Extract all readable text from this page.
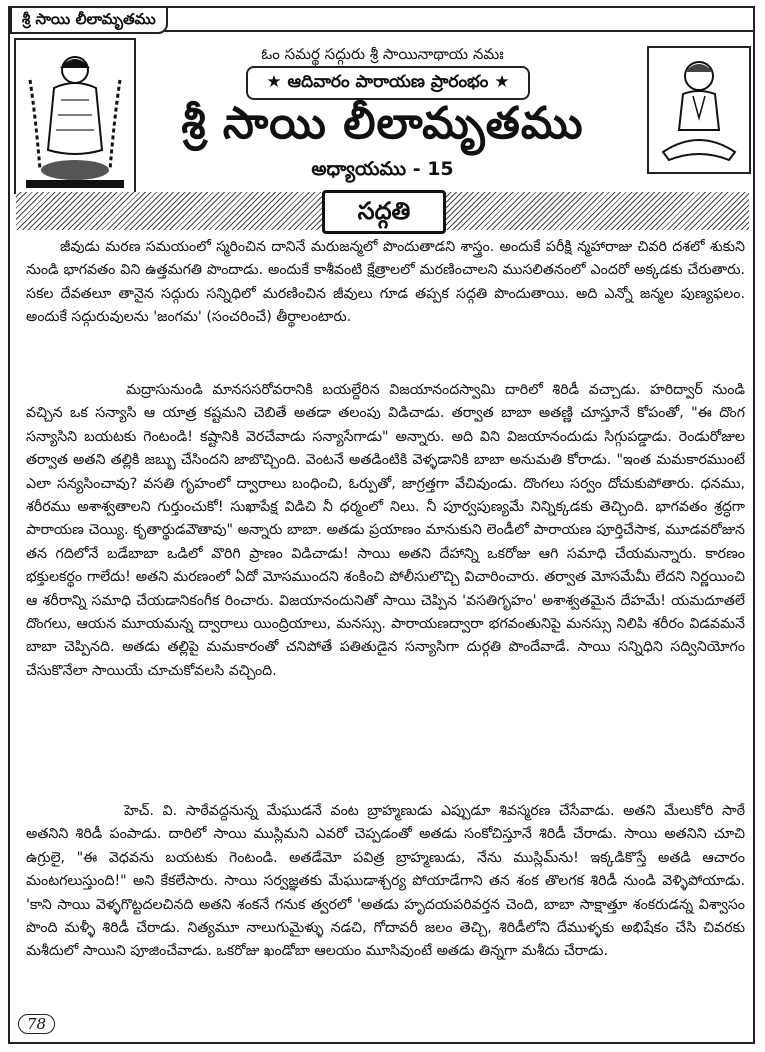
శ్రీ సాయి లీలామృతము
ఓం సమర్థ సద్గురు శ్రీ సాయినాథాయ నమః
★ ఆదివారం పారాయణ ప్రారంభం ★
శ్రీ సాయి లీలామృతము
అధ్యాయము - 15
సద్గతి

జీవుడు మరణ సమయంలో స్మరించిన దానినే మరుజన్మలో పొందుతాడని శాస్త్రం. అందుకే పరీక్షి న్మహారాజు చివరి దశలో శుకుని నుండి భాగవతం విని ఉత్తమగతి పొందాడు. అందుకే కాశీవంటి క్షేత్రాలలో మరణించాలని ముసలితనంలో ఎందరో అక్కడకు చేరుతారు. సకల దేవతలూ తానైన సద్గురు సన్నిధిలో మరణించిన జీవులు గూడ తప్పక సద్గతి పొందుతాయి. అది ఎన్నో జన్మల పుణ్యఫలం. అందుకే సద్గురువులను 'జంగమ' (సంచరించే) తీర్థాలంటారు.

మద్రాసునుండి మానససరోవరానికి బయల్దేరిన విజయానందస్వామి దారిలో శిరిడీ వచ్చాడు. హరిద్వార్ నుండి వచ్చిన ఒక సన్యాసి ఆ యాత్ర కష్టమని చెబితే అతడా తలంపు విడిచాడు. తర్వాత బాబా అతణ్ణి చూస్తూనే కోపంతో, "ఈ దొంగ సన్యాసిని బయటకు గెంటండి! కష్టానికి వెరచేవాడు సన్యాసేగాడు" అన్నారు. అది విని విజయానందుడు సిగ్గుపడ్డాడు. రెండురోజుల తర్వాత అతని తల్లికి జబ్బు చేసిందని జాబొచ్చింది. వెంటనే అతడింటికి వెళ్ళడానికి బాబా అనుమతి కోరాడు. "ఇంత మమకారముంటే ఎలా సన్యసించావు? వసతి గృహంలో ద్వారాలు బంధించి, ఓర్పుతో, జాగ్రత్తగా వేచివుండు. దొంగలు సర్వం దోచుకుపోతారు. ధనము, శరీరము అశాశ్వతాలని గుర్తుంచుకో! సుఖాపేక్ష విడిచి నీ ధర్మంలో నిలు. నీ పూర్వపుణ్యమే నిన్నిక్కడకు తెచ్చింది. భాగవతం శ్రద్ధగా పారాయణ చెయ్యి. కృతార్థుడవౌతావు" అన్నారు బాబా. అతడు ప్రయాణం మానుకుని లెండీలో పారాయణ పూర్తిచేసాక, మూడవరోజున తన గదిలోనే బడేబాబా ఒడిలో వొరిగి ప్రాణం విడిచాడు! సాయి అతని దేహాన్ని ఒకరోజు ఆగి సమాధి చేయమన్నారు. కారణం భక్తులకర్థం గాలేదు! అతని మరణంలో ఏదో మోసముందని శంకించి పోలీసులొచ్చి విచారించారు. తర్వాత మోసమేమీ లేదని నిర్ణయించి ఆ శరీరాన్ని సమాధి చేయడానికంగీక రించారు. విజయానందునితో సాయి చెప్పిన 'వసతిగృహం' అశాశ్వతమైన దేహమే! యమదూతలే దొంగలు, ఆయన మూయమన్న ద్వారాలు యింద్రియాలు, మనస్సు. పారాయణద్వారా భగవంతునిపై మనస్సు నిలిపి శరీరం విడవమనే బాబా చెప్పినది. అతడు తల్లిపై మమకారంతో చనిపోతే పతితుడైన సన్యాసిగా దుర్గతి పొందేవాడే. సాయి సన్నిధిని సద్వినియోగం చేసుకొనేలా సాయియే చూచుకోవలసి వచ్చింది.

హెచ్. వి. సాఠేవద్దనున్న మేఘుడనే వంట బ్రాహ్మణుడు ఎప్పుడూ శివస్మరణ చేసేవాడు. అతని మేలుకోరి సాఠే అతనిని శిరిడీ పంపాడు. దారిలో సాయి ముస్లిమని ఎవరో చెప్పడంతో అతడు సంకోచిస్తూనే శిరిడీ చేరాడు. సాయి అతనిని చూచి ఉగ్రులై, "ఈ వెధవను బయటకు గెంటండి. అతడేమో పవిత్ర బ్రాహ్మణుడు, నేను ముస్లిమ్‌ను! ఇక్కడికొస్తే అతడి ఆచారం మంటగలుస్తుంది!" అని కేకలేసారు. సాయి సర్వజ్ఞతకు మేఘుడాశ్చర్య పోయాడేగాని తన శంక తొలగక శిరిడీ నుండి వెళ్ళిపోయాడు. 'కాని సాయి వెళ్ళగొట్టదలచినది అతని శంకనే గనుక త్వరలో 'అతడు హృదయపరివర్తన చెంది, బాబా సాక్షాత్తూ శంకరుడన్న విశ్వాసం పొంది మళ్ళీ శిరిడీ చేరాడు. నిత్యమూ నాలుగుమైళ్ళు నడచి, గోదావరీ జలం తెచ్చి, శిరిడీలోని దేముళ్ళకు అభిషేకం చేసి చివరకు మశీదులో సాయిని పూజించేవాడు. ఒకరోజు ఖండోబా ఆలయం మూసివుంటే అతడు తిన్నగా మశీదు చేరాడు.

78
